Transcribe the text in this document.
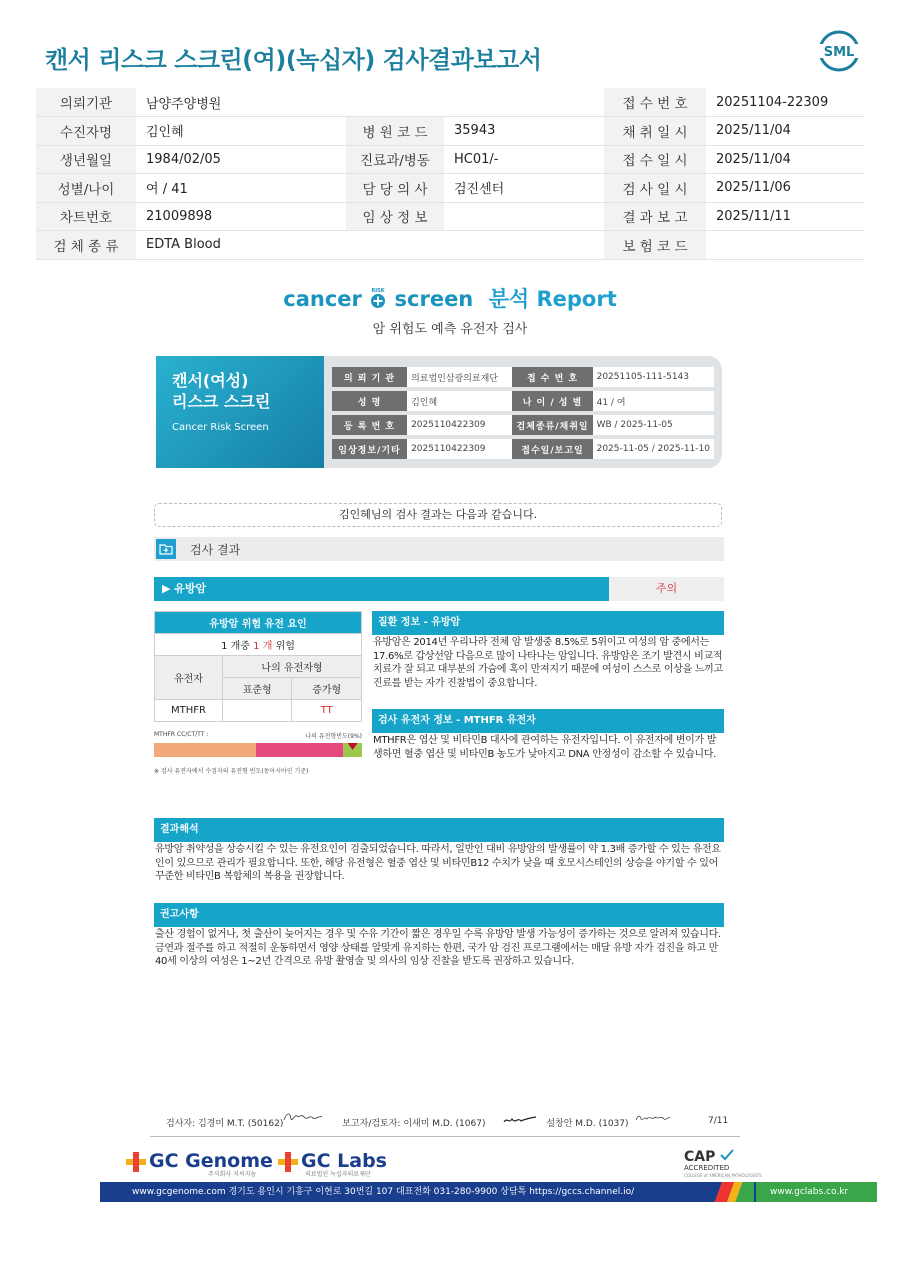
캔서 리스크 스크린(여)(녹십자) 검사결과보고서	SML
의뢰기관	남양주양병원			접 수 번 호	20251104-22309
수진자명	김인혜	병 원 코 드	35943	채 취 일 시	2025/11/04
생년월일	1984/02/05	진료과/병동	HC01/-	접 수 일 시	2025/11/04
성별/나이	여 / 41	담 당 의 사	검진센터	검 사 일 시	2025/11/06
차트번호	21009898	임 상 정 보		결 과 보 고	2025/11/11
검 체 종 류	EDTA Blood			보 험 코 드	
cancer RISK screen 분석 Report
암 위험도 예측 유전자 검사
캔서(여성)
리스크 스크린
Cancer Risk Screen
의 뢰 기 관	의료법인삼광의료재단	접 수 번 호	20251105-111-5143
성 명	김인혜	나 이 / 성 별	41 / 여
등 록 번 호	2025110422309	검체종류/채취일	WB / 2025-11-05
임상정보/기타	2025110422309	접수일/보고일	2025-11-05 / 2025-11-10
김인혜님의 검사 결과는 다음과 같습니다.
검사 결과
▶ 유방암	주의
유방암 위험 유전 요인		
1 개중 1 개 위험		
유전자	나의 유전자형	
	표준형	증가형
MTHFR		TT
MTHFR CC/CT/TT :	나의 유전형빈도(9%)
※ 검사 유전자에서 수검자의 유전형 빈도(동아시아인 기준)
질환 정보 - 유방암
유방암은 2014년 우리나라 전체 암 발생중 8.5%로 5위이고 여성의 암 중에서는 17.6%로 갑상선암 다음으로 많이 나타나는 암입니다. 유방암은 조기 발견시 비교적 치료가 잘 되고 대부분의 가슴에 혹이 만져지기 때문에 여성이 스스로 이상을 느끼고 진료를 받는 자가 진찰법이 중요합니다.
검사 유전자 정보 - MTHFR 유전자
MTHFR은 엽산 및 비타민B 대사에 관여하는 유전자입니다. 이 유전자에 변이가 발생하면 혈중 엽산 및 비타민B 농도가 낮아지고 DNA 안정성이 감소할 수 있습니다.
결과해석
유방암 취약성을 상승시킬 수 있는 유전요인이 검출되었습니다. 따라서, 일반인 대비 유방암의 발생률이 약 1.3배 증가할 수 있는 유전요인이 있으므로 관리가 필요합니다. 또한, 해당 유전형은 혈중 엽산 및 비타민B12 수치가 낮을 때 호모시스테인의 상승을 야기할 수 있어 꾸준한 비타민B 복합체의 복용을 권장합니다.
권고사항
출산 경험이 없거나, 첫 출산이 늦어지는 경우 및 수유 기간이 짧은 경우일 수록 유방암 발생 가능성이 증가하는 것으로 알려져 있습니다. 금연과 절주를 하고 적절히 운동하면서 영양 상태를 알맞게 유지하는 한편, 국가 암 검진 프로그램에서는 매달 유방 자가 검진을 하고 만 40세 이상의 여성은 1~2년 간격으로 유방 촬영술 및 의사의 임상 진찰을 받도록 권장하고 있습니다.
검사자: 김경미 M.T. (50162)	보고자/검토자: 이새미 M.D. (1067)	설창안 M.D. (1037)	7/11
GC Genome
주식회사 지씨지놈
GC Labs
의료법인 녹십자의료재단
CAP
ACCREDITED
COLLEGE of AMERICAN PATHOLOGISTS
www.gcgenome.com 경기도 용인시 기흥구 이현로 30번길 107 대표전화 031-280-9900 상담톡 https://gccs.channel.io/	www.gclabs.co.kr
